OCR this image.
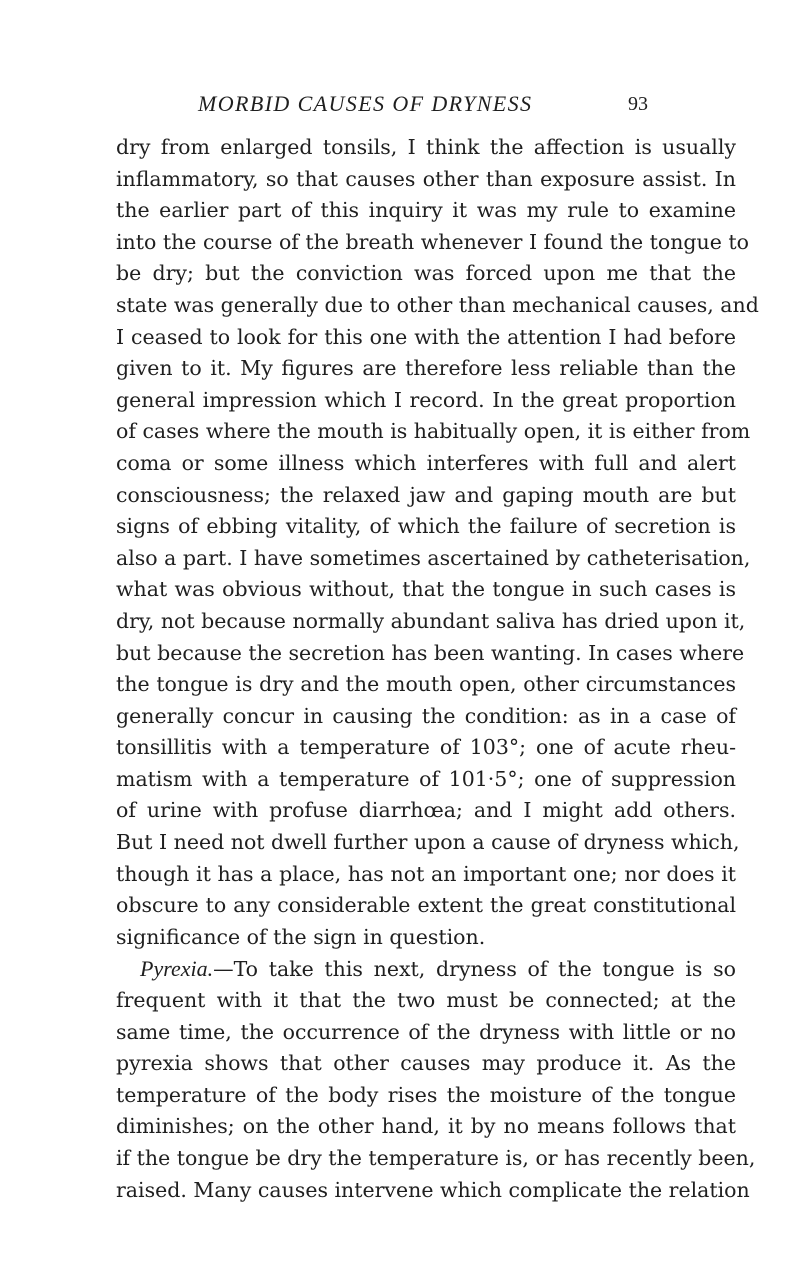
MORBID CAUSES OF DRYNESS	93
dry from enlarged tonsils, I think the affection is usually
inflammatory, so that causes other than exposure assist. In
the earlier part of this inquiry it was my rule to examine
into the course of the breath whenever I found the tongue to
be dry; but the conviction was forced upon me that the
state was generally due to other than mechanical causes, and
I ceased to look for this one with the attention I had before
given to it. My figures are therefore less reliable than the
general impression which I record. In the great proportion
of cases where the mouth is habitually open, it is either from
coma or some illness which interferes with full and alert
consciousness; the relaxed jaw and gaping mouth are but
signs of ebbing vitality, of which the failure of secretion is
also a part. I have sometimes ascertained by catheterisation,
what was obvious without, that the tongue in such cases is
dry, not because normally abundant saliva has dried upon it,
but because the secretion has been wanting. In cases where
the tongue is dry and the mouth open, other circumstances
generally concur in causing the condition: as in a case of
tonsillitis with a temperature of 103°; one of acute rheu-
matism with a temperature of 101·5°; one of suppression
of urine with profuse diarrhœa; and I might add others.
But I need not dwell further upon a cause of dryness which,
though it has a place, has not an important one; nor does it
obscure to any considerable extent the great constitutional
significance of the sign in question.
Pyrexia.—To take this next, dryness of the tongue is so
frequent with it that the two must be connected; at the
same time, the occurrence of the dryness with little or no
pyrexia shows that other causes may produce it. As the
temperature of the body rises the moisture of the tongue
diminishes; on the other hand, it by no means follows that
if the tongue be dry the temperature is, or has recently been,
raised. Many causes intervene which complicate the relation
